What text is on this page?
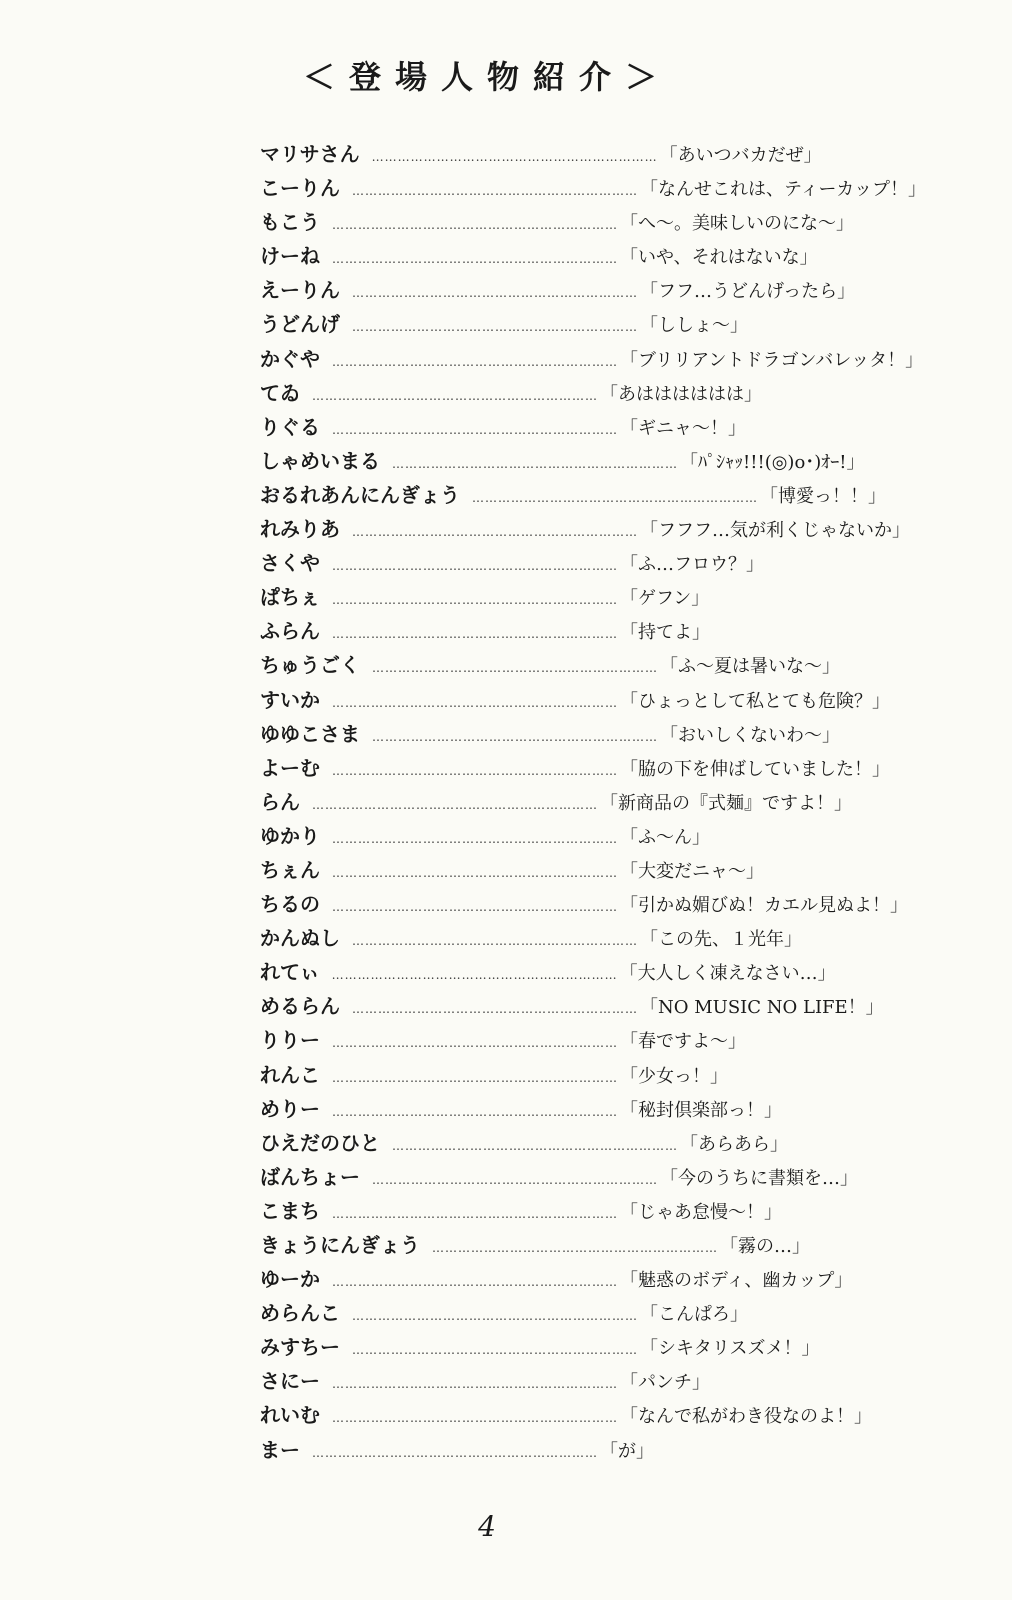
＜登場人物紹介＞
マリサさん ………………………………………………………… 「あいつバカだぜ」
こーりん ………………………………………………………… 「なんせこれは、ティーカップ！」
もこう ………………………………………………………… 「へ〜。美味しいのにな〜」
けーね ………………………………………………………… 「いや、それはないな」
えーりん ………………………………………………………… 「フフ…うどんげったら」
うどんげ ………………………………………………………… 「ししょ〜」
かぐや ………………………………………………………… 「ブリリアントドラゴンバレッタ！」
てゐ ………………………………………………………… 「あはははははは」
りぐる ………………………………………………………… 「ギニャ〜！」
しゃめいまる ………………………………………………………… 「ﾊﾟｼｬｯ!!!(◎)o･)ｵｰ!」
おるれあんにんぎょう ………………………………………………………… 「博愛っ！！」
れみりあ ………………………………………………………… 「フフフ…気が利くじゃないか」
さくや ………………………………………………………… 「ふ…フロウ？」
ぱちぇ ………………………………………………………… 「ゲフン」
ふらん ………………………………………………………… 「持てよ」
ちゅうごく ………………………………………………………… 「ふ〜夏は暑いな〜」
すいか ………………………………………………………… 「ひょっとして私とても危険？」
ゆゆこさま ………………………………………………………… 「おいしくないわ〜」
よーむ ………………………………………………………… 「脇の下を伸ばしていました！」
らん ………………………………………………………… 「新商品の『式麺』ですよ！」
ゆかり ………………………………………………………… 「ふ〜ん」
ちぇん ………………………………………………………… 「大変だニャ〜」
ちるの ………………………………………………………… 「引かぬ媚びぬ！カエル見ぬよ！」
かんぬし ………………………………………………………… 「この先、１光年」
れてぃ ………………………………………………………… 「大人しく凍えなさい…」
めるらん ………………………………………………………… 「NO MUSIC NO LIFE！」
りりー ………………………………………………………… 「春ですよ〜」
れんこ ………………………………………………………… 「少女っ！」
めりー ………………………………………………………… 「秘封倶楽部っ！」
ひえだのひと ………………………………………………………… 「あらあら」
ばんちょー ………………………………………………………… 「今のうちに書類を…」
こまち ………………………………………………………… 「じゃあ怠慢〜！」
きょうにんぎょう ………………………………………………………… 「霧の…」
ゆーか ………………………………………………………… 「魅惑のボディ、幽カップ」
めらんこ ………………………………………………………… 「こんぱろ」
みすちー ………………………………………………………… 「シキタリスズメ！」
さにー ………………………………………………………… 「パンチ」
れいむ ………………………………………………………… 「なんで私がわき役なのよ！」
まー ………………………………………………………… 「が」
4
